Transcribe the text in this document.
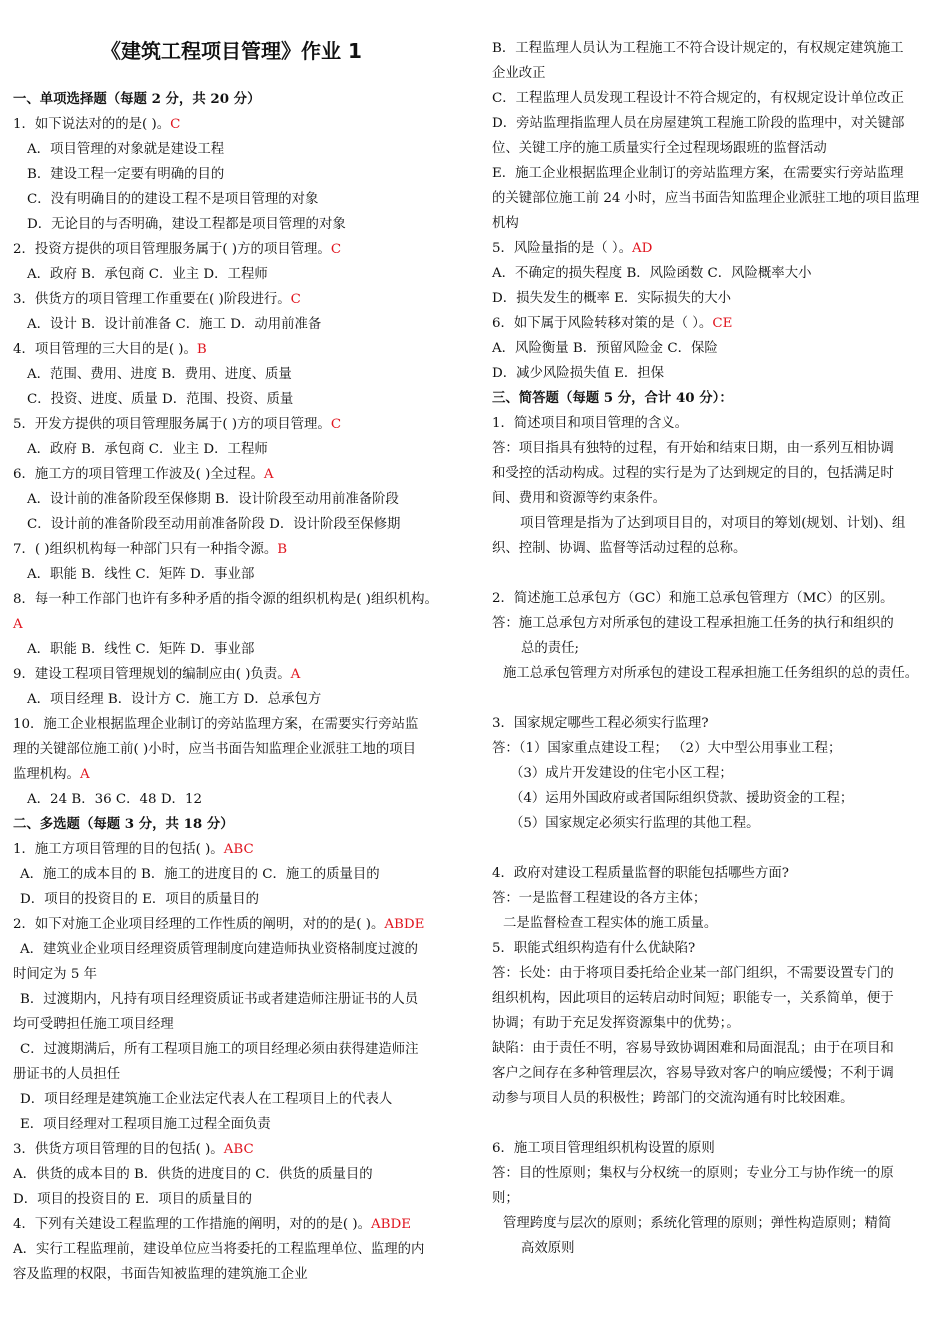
《建筑工程项目管理》作业 1
一、单项选择题（每题 2 分，共 20 分）
1．如下说法对的的是( )。C
A．项目管理的对象就是建设工程
B．建设工程一定要有明确的目的
C．没有明确目的的建设工程不是项目管理的对象
D．无论目的与否明确，建设工程都是项目管理的对象
2．投资方提供的项目管理服务属于( )方的项目管理。C
A．政府 B．承包商 C．业主 D．工程师
3．供货方的项目管理工作重要在( )阶段进行。C
A．设计 B．设计前准备 C．施工 D．动用前准备
4．项目管理的三大目的是( )。B
A．范围、费用、进度 B．费用、进度、质量
C．投资、进度、质量 D．范围、投资、质量
5．开发方提供的项目管理服务属于( )方的项目管理。C
A．政府 B．承包商 C．业主 D．工程师
6．施工方的项目管理工作波及( )全过程。A
A．设计前的准备阶段至保修期 B．设计阶段至动用前准备阶段
C．设计前的准备阶段至动用前准备阶段 D．设计阶段至保修期
7．( )组织机构每一种部门只有一种指令源。B
A．职能 B．线性 C．矩阵 D．事业部
8．每一种工作部门也许有多种矛盾的指令源的组织机构是( )组织机构。
A
A．职能 B．线性 C．矩阵 D．事业部
9．建设工程项目管理规划的编制应由( )负责。A
A．项目经理 B．设计方 C．施工方 D．总承包方
10．施工企业根据监理企业制订的旁站监理方案，在需要实行旁站监
理的关键部位施工前( )小时，应当书面告知监理企业派驻工地的项目
监理机构。A
A．24 B．36 C．48 D．12
二、多选题（每题 3 分，共 18 分）
1．施工方项目管理的目的包括( )。ABC
A．施工的成本目的 B．施工的进度目的 C．施工的质量目的
D．项目的投资目的 E．项目的质量目的
2．如下对施工企业项目经理的工作性质的阐明，对的的是( )。ABDE
A．建筑业企业项目经理资质管理制度向建造师执业资格制度过渡的
时间定为 5 年
B．过渡期内，凡持有项目经理资质证书或者建造师注册证书的人员
均可受聘担任施工项目经理
C．过渡期满后，所有工程项目施工的项目经理必须由获得建造师注
册证书的人员担任
D．项目经理是建筑施工企业法定代表人在工程项目上的代表人
E．项目经理对工程项目施工过程全面负责
3．供货方项目管理的目的包括( )。ABC
A．供货的成本目的 B．供货的进度目的 C．供货的质量目的
D．项目的投资目的 E．项目的质量目的
4．下列有关建设工程监理的工作措施的阐明，对的的是( )。ABDE
A．实行工程监理前，建设单位应当将委托的工程监理单位、监理的内
容及监理的权限，书面告知被监理的建筑施工企业
B．工程监理人员认为工程施工不符合设计规定的，有权规定建筑施工
企业改正
C．工程监理人员发现工程设计不符合规定的，有权规定设计单位改正
D．旁站监理指监理人员在房屋建筑工程施工阶段的监理中，对关键部
位、关键工序的施工质量实行全过程现场跟班的监督活动
E．施工企业根据监理企业制订的旁站监理方案，在需要实行旁站监理
的关键部位施工前 24 小时，应当书面告知监理企业派驻工地的项目监理
机构
5．风险量指的是（ ）。AD
A．不确定的损失程度 B．风险函数 C．风险概率大小
D．损失发生的概率 E．实际损失的大小
6．如下属于风险转移对策的是（ ）。CE
A．风险衡量 B．预留风险金 C．保险
D．减少风险损失值 E．担保
三、简答题（每题 5 分，合计 40 分）：
1．简述项目和项目管理的含义。
答：项目指具有独特的过程，有开始和结束日期，由一系列互相协调
和受控的活动构成。过程的实行是为了达到规定的目的，包括满足时
间、费用和资源等约束条件。
项目管理是指为了达到项目目的，对项目的筹划(规划、计划)、组
织、控制、协调、监督等活动过程的总称。
2．简述施工总承包方（GC）和施工总承包管理方（MC）的区别。
答：施工总承包方对所承包的建设工程承担施工任务的执行和组织的
总的责任;
施工总承包管理方对所承包的建设工程承担施工任务组织的总的责任。
3．国家规定哪些工程必须实行监理?
答：（1）国家重点建设工程； （2）大中型公用事业工程；
（3）成片开发建设的住宅小区工程；
（4）运用外国政府或者国际组织贷款、援助资金的工程；
（5）国家规定必须实行监理的其他工程。
4．政府对建设工程质量监督的职能包括哪些方面?
答：一是监督工程建设的各方主体；
二是监督检查工程实体的施工质量。
5．职能式组织构造有什么优缺陷?
答：长处：由于将项目委托给企业某一部门组织，不需要设置专门的
组织机构，因此项目的运转启动时间短；职能专一，关系简单，便于
协调；有助于充足发挥资源集中的优势；。
缺陷：由于责任不明，容易导致协调困难和局面混乱；由于在项目和
客户之间存在多种管理层次，容易导致对客户的响应缓慢；不利于调
动参与项目人员的积极性；跨部门的交流沟通有时比较困难。
6．施工项目管理组织机构设置的原则
答：目的性原则；集权与分权统一的原则；专业分工与协作统一的原
则；
管理跨度与层次的原则；系统化管理的原则；弹性构造原则；精简
高效原则
